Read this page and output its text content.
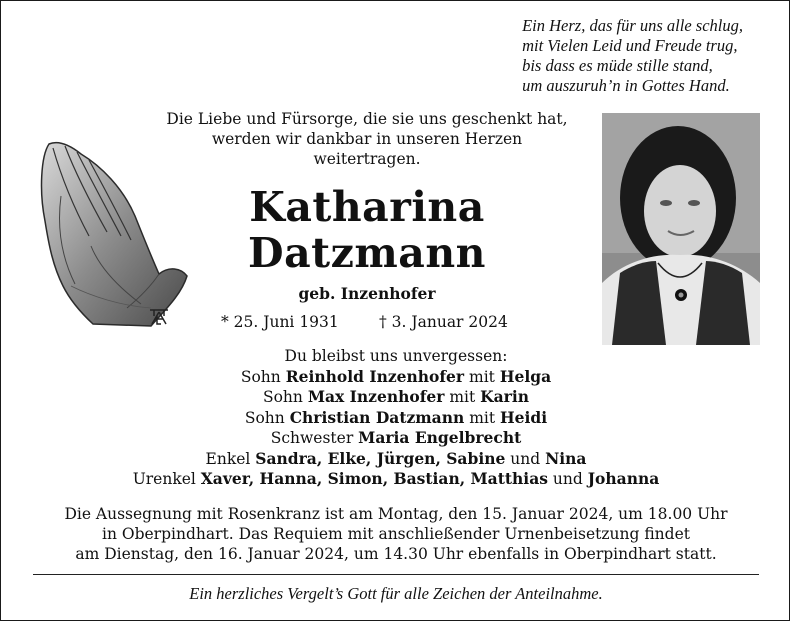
Ein Herz, das für uns alle schlug,
mit Vielen Leid und Freude trug,
bis dass es müde stille stand,
um auszuruh’n in Gottes Hand.
Die Liebe und Fürsorge, die sie uns geschenkt hat,
werden wir dankbar in unseren Herzen
weitertragen.
Katharina
Datzmann
geb. Inzenhofer
* 25. Juni 1931	† 3. Januar 2024
Du bleibst uns unvergessen:
Sohn Reinhold Inzenhofer mit Helga
Sohn Max Inzenhofer mit Karin
Sohn Christian Datzmann mit Heidi
Schwester Maria Engelbrecht
Enkel Sandra, Elke, Jürgen, Sabine und Nina
Urenkel Xaver, Hanna, Simon, Bastian, Matthias und Johanna
Die Aussegnung mit Rosenkranz ist am Montag, den 15. Januar 2024, um 18.00 Uhr
in Oberpindhart. Das Requiem mit anschließender Urnenbeisetzung findet
am Dienstag, den 16. Januar 2024, um 14.30 Uhr ebenfalls in Oberpindhart statt.
Ein herzliches Vergelt’s Gott für alle Zeichen der Anteilnahme.
